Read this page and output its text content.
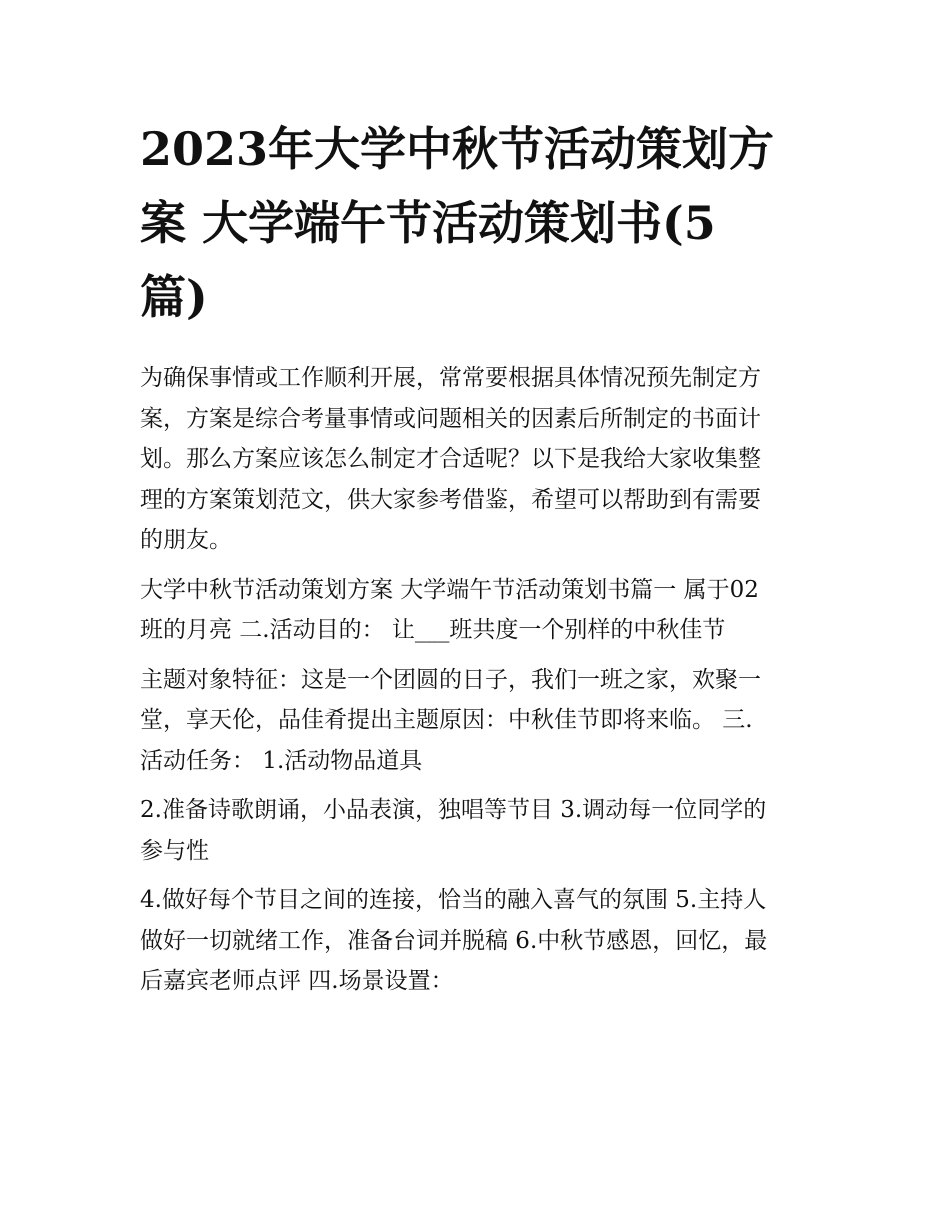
2023年大学中秋节活动策划方
案 大学端午节活动策划书(5
篇)

为确保事情或工作顺利开展，常常要根据具体情况预先制定方
案，方案是综合考量事情或问题相关的因素后所制定的书面计
划。那么方案应该怎么制定才合适呢？以下是我给大家收集整
理的方案策划范文，供大家参考借鉴，希望可以帮助到有需要
的朋友。

大学中秋节活动策划方案 大学端午节活动策划书篇一 属于02
班的月亮 二.活动目的： 让___班共度一个别样的中秋佳节

主题对象特征：这是一个团圆的日子，我们一班之家，欢聚一
堂，享天伦，品佳肴提出主题原因：中秋佳节即将来临。 三.
活动任务： 1.活动物品道具

2.准备诗歌朗诵，小品表演，独唱等节目 3.调动每一位同学的
参与性

4.做好每个节目之间的连接，恰当的融入喜气的氛围 5.主持人
做好一切就绪工作，准备台词并脱稿 6.中秋节感恩，回忆，最
后嘉宾老师点评 四.场景设置：
